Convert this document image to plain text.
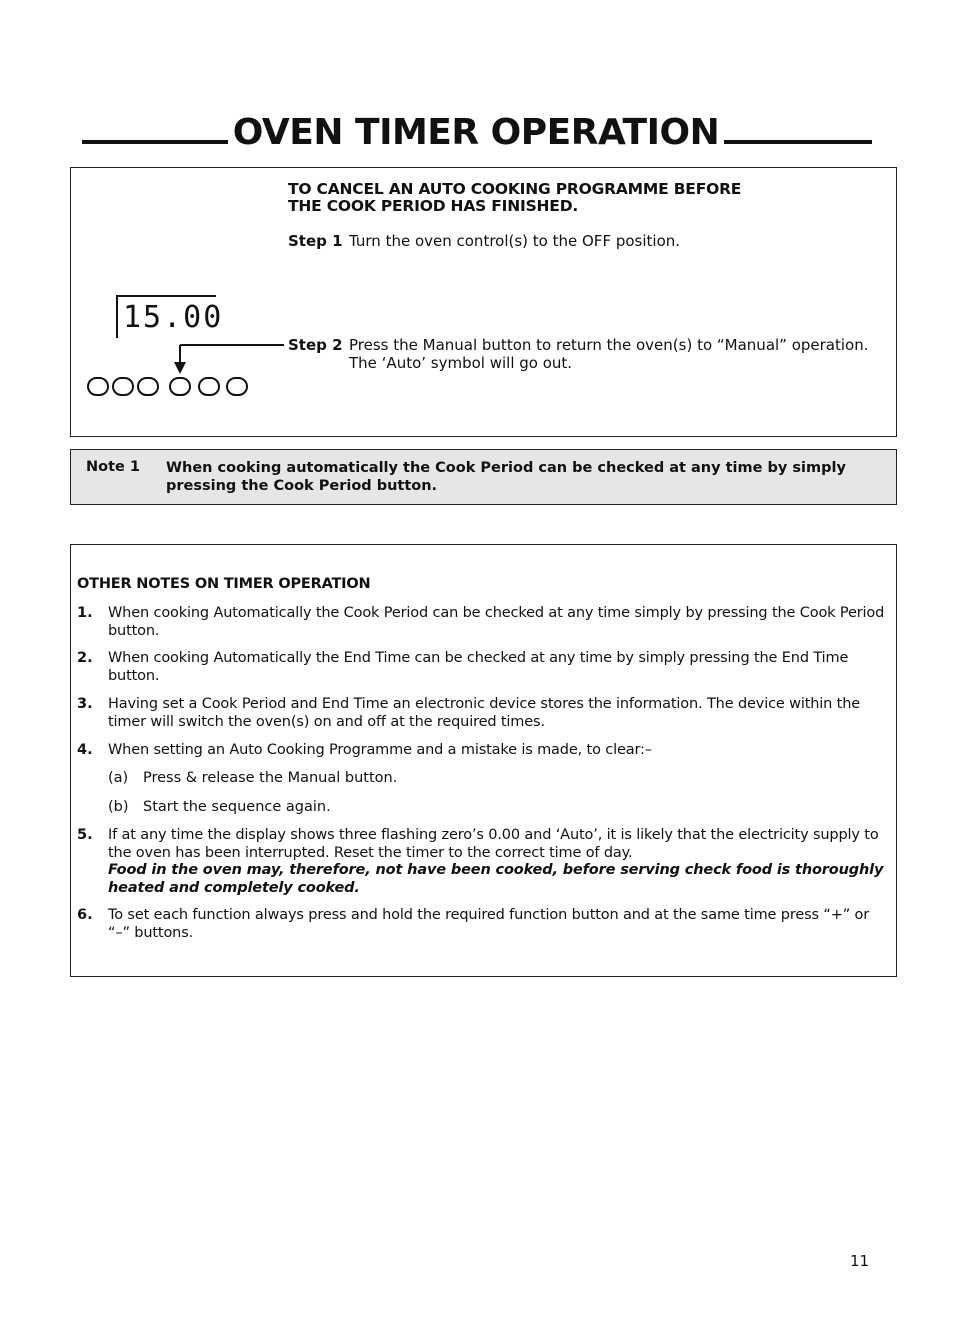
OVEN TIMER OPERATION
TO CANCEL AN AUTO COOKING PROGRAMME BEFORE
THE COOK PERIOD HAS FINISHED.
Step 1 Turn the oven control(s) to the OFF position.
Step 2 Press the Manual button to return the oven(s) to “Manual” operation.
The ‘Auto’ symbol will go out.
15.00
Note 1 When cooking automatically the Cook Period can be checked at any time by simply pressing the Cook Period button.
OTHER NOTES ON TIMER OPERATION
1. When cooking Automatically the Cook Period can be checked at any time simply by pressing the Cook Period button.
2. When cooking Automatically the End Time can be checked at any time by simply pressing the End Time button.
3. Having set a Cook Period and End Time an electronic device stores the information. The device within the timer will switch the oven(s) on and off at the required times.
4. When setting an Auto Cooking Programme and a mistake is made, to clear:–
(a) Press & release the Manual button.
(b) Start the sequence again.
5. If at any time the display shows three flashing zero’s 0.00 and ‘Auto’, it is likely that the electricity supply to the oven has been interrupted. Reset the timer to the correct time of day.
Food in the oven may, therefore, not have been cooked, before serving check food is thoroughly heated and completely cooked.
6. To set each function always press and hold the required function button and at the same time press “+” or “–” buttons.
11
